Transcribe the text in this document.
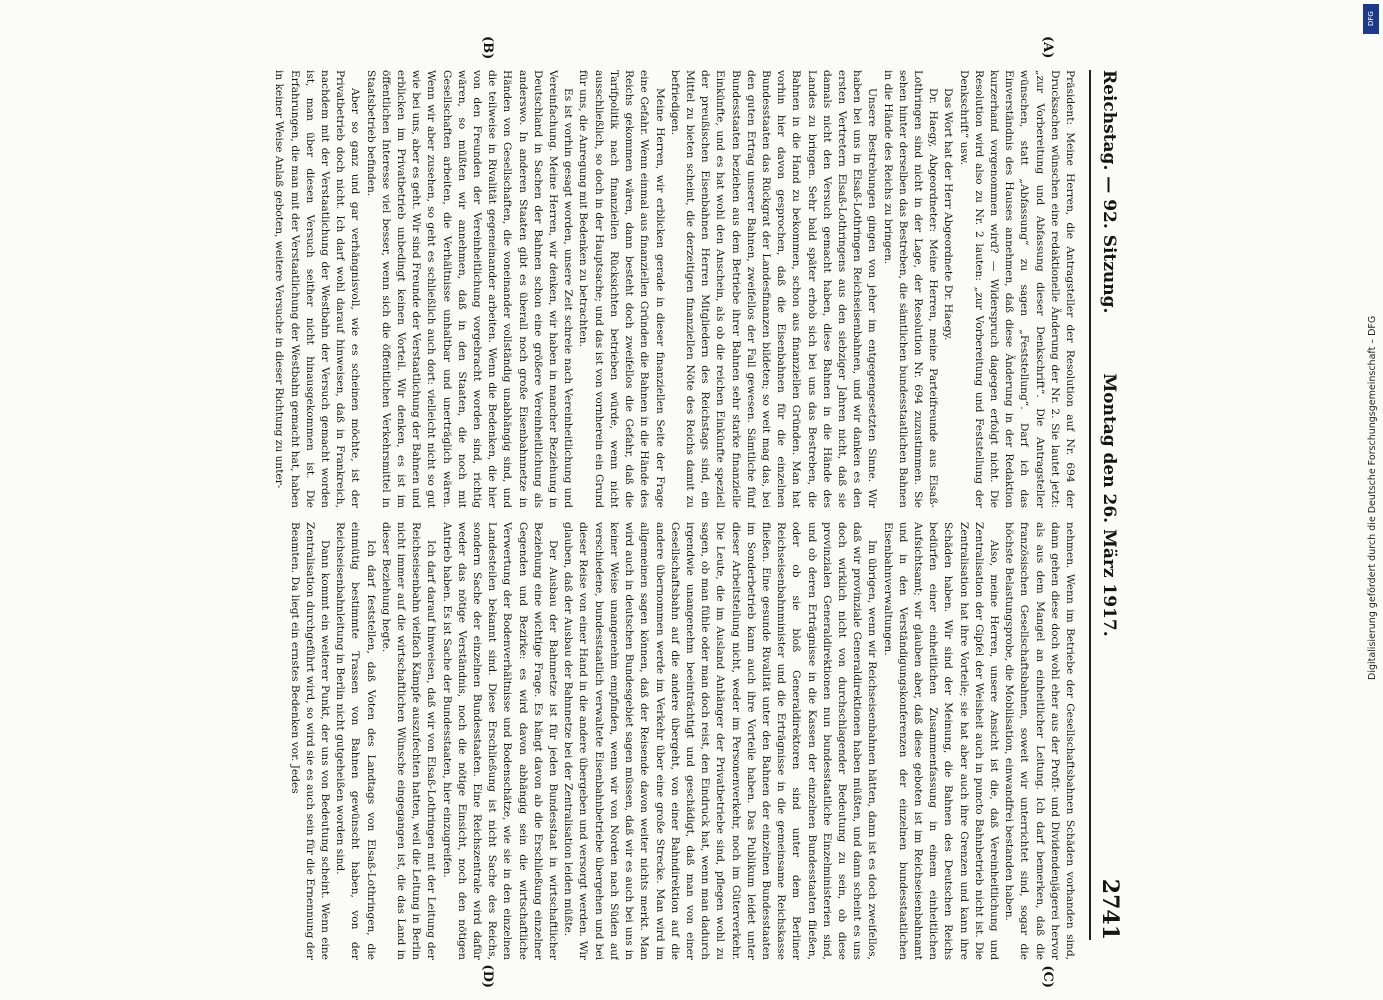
Reichstag. — 92. Sitzung.
Montag den 26. März 1917.
2741
(A)
(B)
(C)
(D)

Präsident: Meine Herren, die Antragsteller der Resolution auf Nr. 694 der Drucksachen wünschen eine redaktionelle Änderung der Nr. 2. Sie lautet jetzt: „zur Vorbereitung und Abfassung dieser Denkschrift“. Die Antragsteller wünschen, statt „Abfassung“ zu sagen „Feststellung“. Darf ich das Einverständnis des Hauses annehmen, daß diese Änderung in der Redaktion kurzerhand vorgenommen wird? — Widerspruch dagegen erfolgt nicht. Die Resolution wird also zu Nr. 2 lauten: „zur Vorbereitung und Feststellung der Denkschrift“ usw.

Das Wort hat der Herr Abgeordnete Dr. Haegy.

Dr. Haegy, Abgeordneter: Meine Herren, meine Parteifreunde aus Elsaß-Lothringen sind nicht in der Lage, der Resolution Nr. 694 zuzustimmen. Sie sehen hinter derselben das Bestreben, die sämtlichen bundesstaatlichen Bahnen in die Hände des Reichs zu bringen.

Unsere Bestrebungen gingen von jeher im entgegengesetzten Sinne. Wir haben bei uns in Elsaß-Lothringen Reichseisenbahnen, und wir danken es den ersten Vertretern Elsaß-Lothringens aus den siebziger Jahren nicht, daß sie damals nicht den Versuch gemacht haben, diese Bahnen in die Hände des Landes zu bringen. Sehr bald später erhob sich bei uns das Bestreben, die Bahnen in die Hand zu bekommen, schon aus finanziellen Gründen. Man hat vorhin hier davon gesprochen, daß die Eisenbahnen für die einzelnen Bundesstaaten das Rückgrat der Landesfinanzen bildeten; so weit mag das, bei den guten Ertrag unserer Bahnen, zweifellos der Fall gewesen. Sämtliche fünf Bundesstaaten beziehen aus dem Betriebe ihrer Bahnen sehr starke finanzielle Einkünfte, und es hat wohl den Anschein, als ob die reichen Einkünfte speziell der preußischen Eisenbahnen Herren Mitgliedern des Reichstags sind, ein Mittel zu bieten scheint, die derzeitigen finanziellen Nöte des Reichs damit zu befriedigen.

Meine Herren, wir erblicken gerade in dieser finanziellen Seite der Frage eine Gefahr. Wenn einmal aus finanziellen Gründen die Bahnen in die Hände des Reichs gekommen wären, dann besteht doch zweifellos die Gefahr, daß die Tarifpolitik nach finanziellen Rücksichten betrieben würde, wenn nicht ausschließlich, so doch in der Hauptsache; und das ist von vornherein ein Grund für uns, die Anregung mit Bedenken zu betrachten.

Es ist vorhin gesagt worden, unsere Zeit schreie nach Vereinheitlichung und Vereinfachung. Meine Herren, wir denken, wir haben in mancher Beziehung in Deutschland in Sachen der Bahnen schon eine größere Vereinheitlichung als anderswo. In anderen Staaten gibt es überall noch große Eisenbahnnetze in Händen von Gesellschaften, die voneinander vollständig unabhängig sind, und die teilweise in Rivalität gegeneinander arbeiten. Wenn die Bedenken, die hier von den Freunden der Vereinheitlichung vorgebracht worden sind, richtig wären, so müßten wir annehmen, daß in den Staaten, die noch mit Gesellschaften arbeiten, die Verhältnisse unhaltbar und unerträglich wären. Wenn wir aber zusehen, so geht es schließlich auch dort: vielleicht nicht so gut wie bei uns, aber es geht. Wir sind Freunde der Verstaatlichung der Bahnen und erblicken im Privatbetrieb unbedingt keinen Vorteil. Wir denken, es ist im öffentlichen Interesse viel besser, wenn sich die öffentlichen Verkehrsmittel in Staatsbetrieb befinden.

Aber so ganz und gar verhängnisvoll, wie es scheinen möchte, ist der Privatbetrieb doch nicht. Ich darf wohl darauf hinweisen, daß in Frankreich, nachdem mit der Verstaatlichung der Westbahn der Versuch gemacht worden ist, man über diesen Versuch seither nicht hinausgekommen ist. Die Erfahrungen, die man mit der Verstaatlichung der Westbahn gemacht hat, haben in keiner Weise Anlaß geboten, weitere Versuche in dieser Richtung zu unter-

nehmen. Wenn im Betriebe der Gesellschaftsbahnen Schäden vorhanden sind, dann gehen diese doch wohl eher aus der Profit- und Dividendenjägerei hervor als aus dem Mangel an einheitlicher Leitung. Ich darf bemerken, daß die französischen Gesellschaftsbahnen, soweit wir unterrichtet sind, sogar die höchste Belastungsprobe, die Mobilisation, einwandfrei bestanden haben.

Also, meine Herren, unsere Ansicht ist die, daß Vereinheitlichung und Zentralisation der Gipfel der Weisheit auch in puncto Bahnbetrieb nicht ist. Die Zentralisation hat ihre Vorteile; sie hat aber auch ihre Grenzen und kann ihre Schäden haben. Wir sind der Meinung, die Bahnen des Deutschen Reichs bedürfen einer einheitlichen Zusammenfassung in einem einheitlichen Aufsichtsamt; wir glauben aber, daß diese geboten ist im Reichseisenbahnamt und in den Verständigungskonferenzen der einzelnen bundesstaatlichen Eisenbahnverwaltungen.

Im übrigen, wenn wir Reichseisenbahnen hätten, dann ist es doch zweifellos, daß wir provinziale Generaldirektionen haben müßten, und dann scheint es uns doch wirklich nicht von durchschlagender Bedeutung zu sein, ob diese provinzialen Generaldirektionen nun bundesstaatliche Einzelministerien sind, und ob deren Erträgnisse in die Kassen der einzelnen Bundesstaaten fließen, oder ob sie bloß Generaldirektoren sind unter dem Berliner Reichseisenbahnminister und die Erträgnisse in die gemeinsame Reichskasse fließen. Eine gesunde Rivalität unter den Bahnen der einzelnen Bundesstaaten im Sonderbetrieb kann auch ihre Vorteile haben. Das Publikum leidet unter dieser Arbeitsteilung nicht, weder im Personenverkehr, noch im Güterverkehr. Die Leute, die im Ausland Anhänger der Privatbetriebe sind, pflegen wohl zu sagen, ob man fühle oder man doch reist, den Eindruck hat, wenn man dadurch irgendwie unangenehm beeinträchtigt und geschädigt, daß man von einer Gesellschaftsbahn auf die andere übergeht, von einer Bahndirektion auf die andere übernommen werde im Verkehr über eine große Strecke. Man wird im allgemeinen sagen können, daß der Reisende davon weiter nichts merkt. Man wird auch in deutschen Bundesgebiet sagen müssen, daß wir es auch bei uns in keiner Weise unangenehm empfinden, wenn wir von Norden nach Süden auf verschiedene, bundesstaatlich verwaltete Eisenbahnbetriebe übergehen und bei dieser Reise von einer Hand in die andere übergeben und versorgt werden. Wir glauben, daß der Ausbau der Bahnnetze bei der Zentralisation leiden müßte.

Der Ausbau der Bahnnetze ist für jeden Bundesstaat in wirtschaftlicher Beziehung eine wichtige Frage. Es hängt davon ab die Erschließung einzelner Gegenden und Bezirke: es wird davon abhängig sein die wirtschaftliche Verwertung der Bodenverhältnisse und Bodenschätze, wie sie in den einzelnen Landesteilen bekannt sind. Diese Erschließung ist nicht Sache des Reichs, sondern Sache der einzelnen Bundesstaaten. Eine Reichszentrale wird dafür weder das nötige Verständnis, noch die nötige Einsicht, noch den nötigen Antrieb haben. Es ist Sache der Bundesstaaten, hier einzugreifen.

Ich darf darauf hinweisen, daß wir von Elsaß-Lothringen mit der Leitung der Reichseisenbahn vielfach Kämpfe auszufechten hatten, weil die Leitung in Berlin nicht immer auf die wirtschaftlichen Wünsche eingegangen ist, die das Land in dieser Beziehung hegte.

Ich darf feststellen, daß Voten des Landtags von Elsaß-Lothringen, die einmütig bestimmte Trassen von Bahnen gewünscht haben, von der Reichseisenbahnleitung in Berlin nicht gutgeheißen worden sind.

Dann kommt ein weiterer Punkt, der uns von Bedeutung scheint. Wenn eine Zentralisation durchgeführt wird, so wird sie es auch sein für die Ernennung der Beamten. Da liegt ein ernstes Bedenken vor. Jedes

DFG
Digitalisierung gefördert durch die Deutsche Forschungsgemeinschaft – DFG
